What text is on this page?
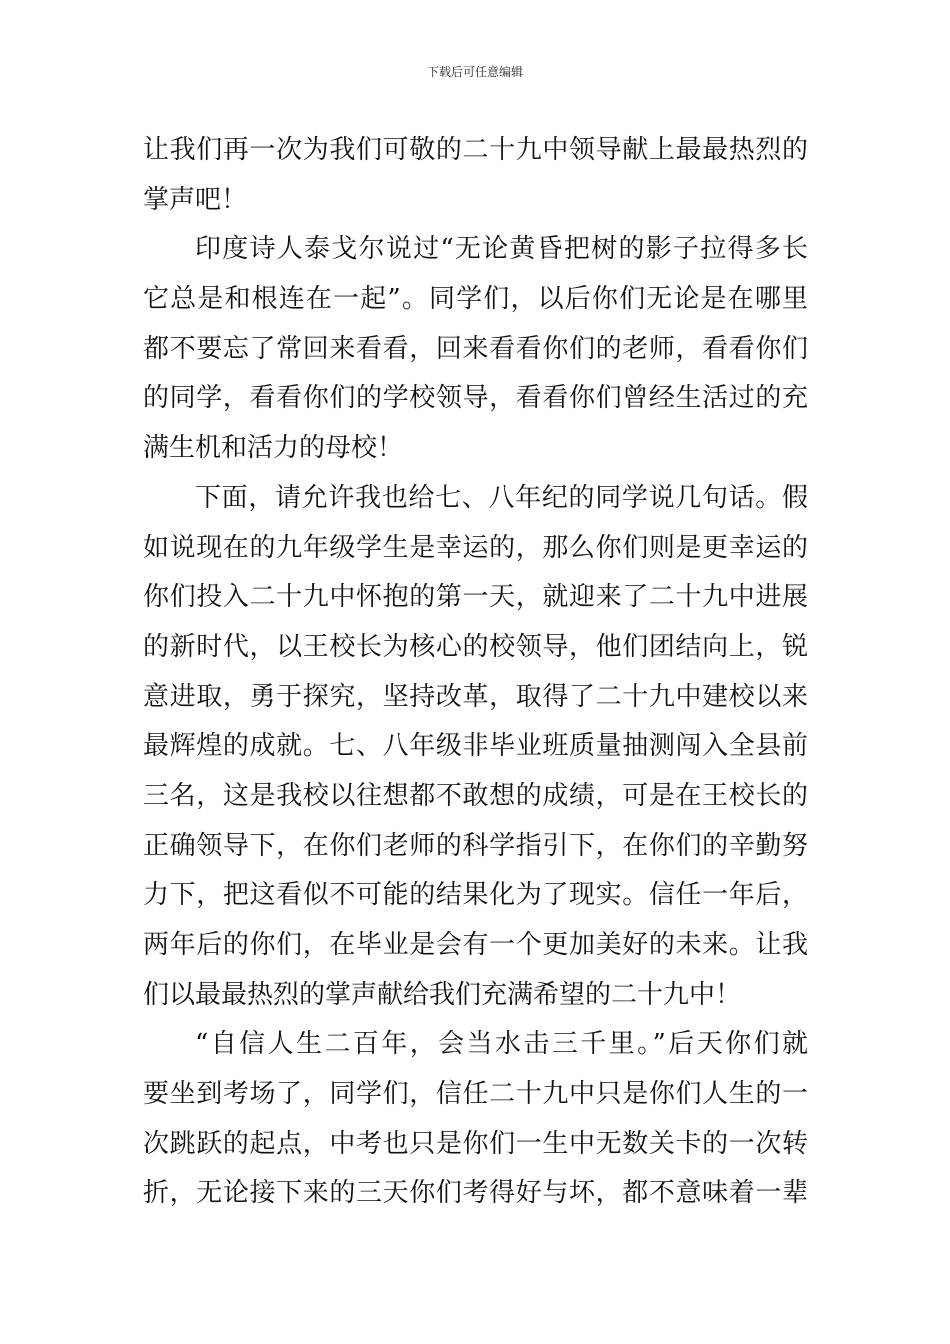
下载后可任意编辑
让我们再一次为我们可敬的二十九中领导献上最最热烈的
掌声吧！
印度诗人泰戈尔说过“无论黄昏把树的影子拉得多长
它总是和根连在一起”。同学们，以后你们无论是在哪里
都不要忘了常回来看看，回来看看你们的老师，看看你们
的同学，看看你们的学校领导，看看你们曾经生活过的充
满生机和活力的母校！
下面，请允许我也给七、八年纪的同学说几句话。假
如说现在的九年级学生是幸运的，那么你们则是更幸运的
你们投入二十九中怀抱的第一天，就迎来了二十九中进展
的新时代，以王校长为核心的校领导，他们团结向上，锐
意进取，勇于探究，坚持改革，取得了二十九中建校以来
最辉煌的成就。七、八年级非毕业班质量抽测闯入全县前
三名，这是我校以往想都不敢想的成绩，可是在王校长的
正确领导下，在你们老师的科学指引下，在你们的辛勤努
力下，把这看似不可能的结果化为了现实。信任一年后，
两年后的你们，在毕业是会有一个更加美好的未来。让我
们以最最热烈的掌声献给我们充满希望的二十九中！
“自信人生二百年，会当水击三千里。”后天你们就
要坐到考场了，同学们，信任二十九中只是你们人生的一
次跳跃的起点，中考也只是你们一生中无数关卡的一次转
折，无论接下来的三天你们考得好与坏，都不意味着一辈
